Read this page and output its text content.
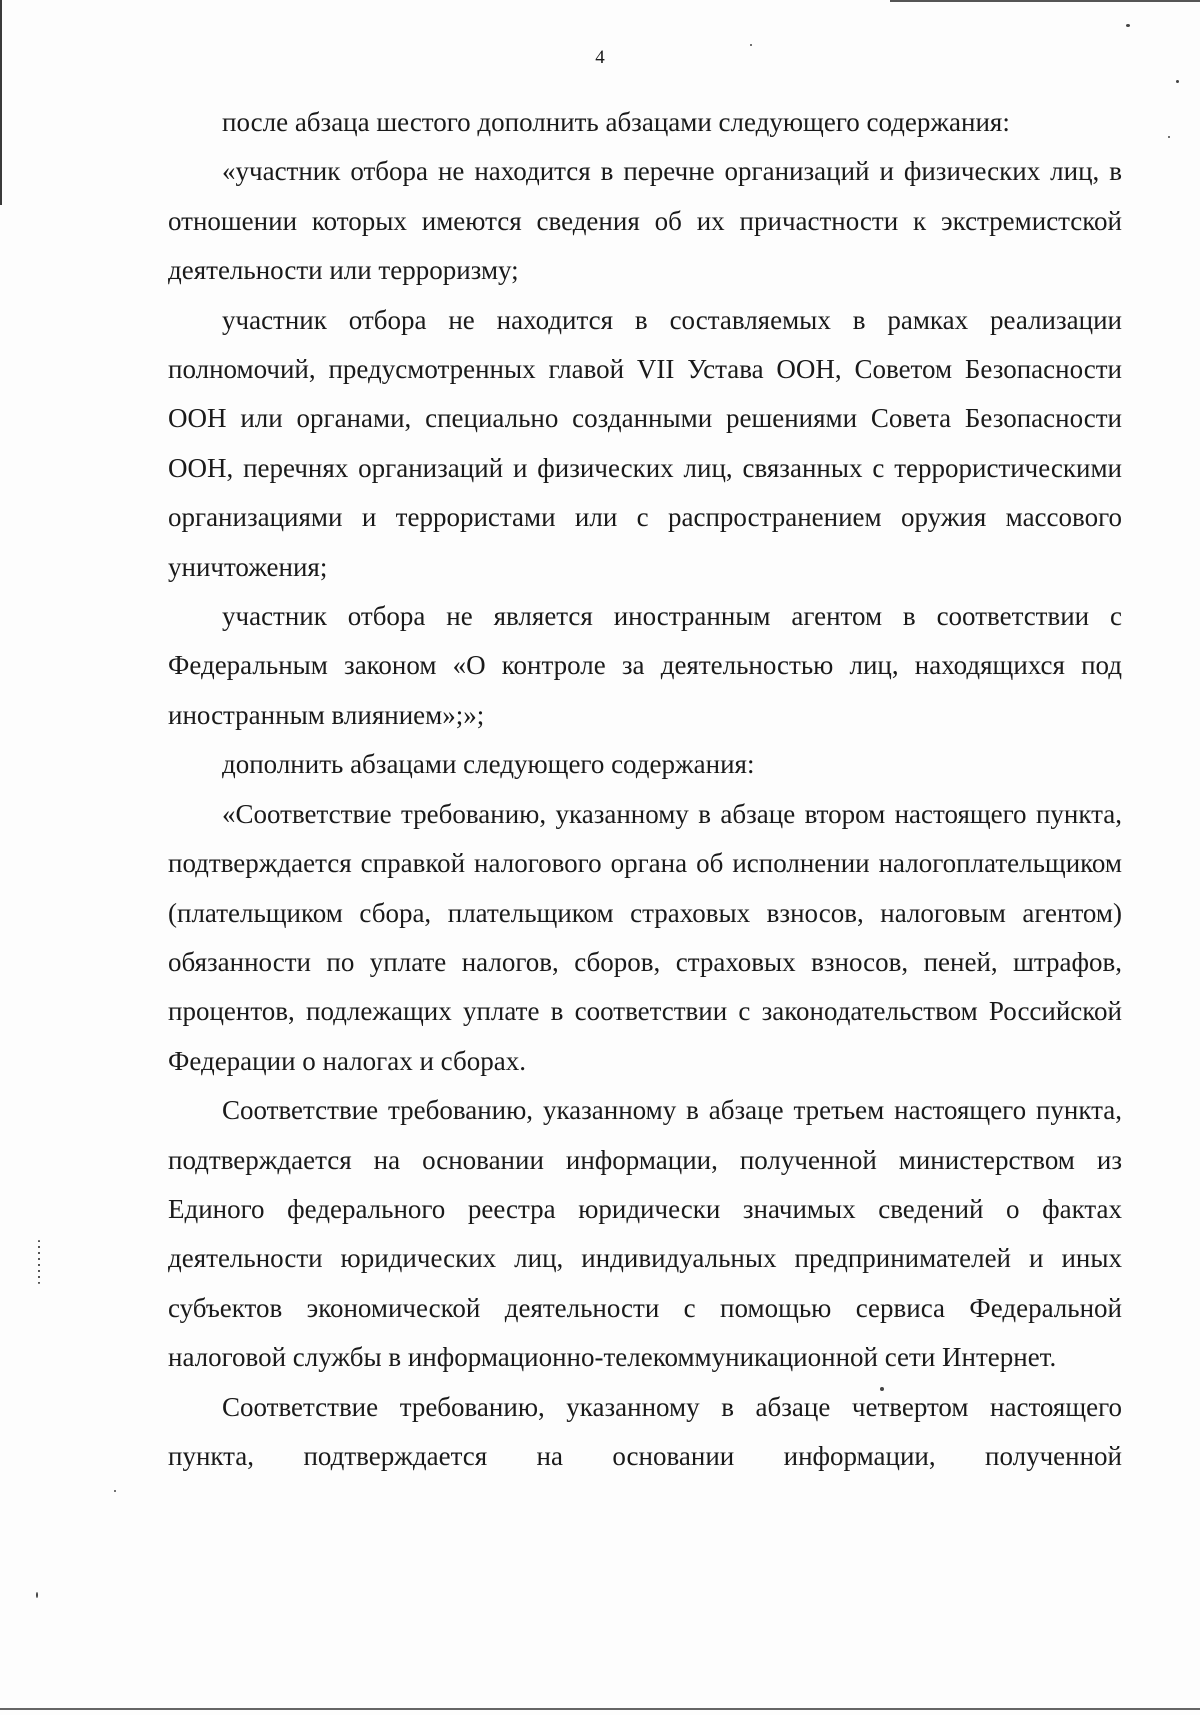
4

после абзаца шестого дополнить абзацами следующего содержания:

«участник отбора не находится в перечне организаций и физических лиц, в отношении которых имеются сведения об их причастности к экстремистской деятельности или терроризму;

участник отбора не находится в составляемых в рамках реализации полномочий, предусмотренных главой VII Устава ООН, Советом Безопасности ООН или органами, специально созданными решениями Совета Безопасности ООН, перечнях организаций и физических лиц, связанных с террористическими организациями и террористами или с распространением оружия массового уничтожения;

участник отбора не является иностранным агентом в соответствии с Федеральным законом «О контроле за деятельностью лиц, находящихся под иностранным влиянием»;»;

дополнить абзацами следующего содержания:

«Соответствие требованию, указанному в абзаце втором настоящего пункта, подтверждается справкой налогового органа об исполнении налогоплательщиком (плательщиком сбора, плательщиком страховых взносов, налоговым агентом) обязанности по уплате налогов, сборов, страховых взносов, пеней, штрафов, процентов, подлежащих уплате в соответствии с законодательством Российской Федерации о налогах и сборах.

Соответствие требованию, указанному в абзаце третьем настоящего пункта, подтверждается на основании информации, полученной министерством из Единого федерального реестра юридически значимых сведений о фактах деятельности юридических лиц, индивидуальных предпринимателей и иных субъектов экономической деятельности с помощью сервиса Федеральной налоговой службы в информационно-телекоммуникационной сети Интернет.

Соответствие требованию, указанному в абзаце четвертом настоящего пункта, подтверждается на основании информации, полученной
